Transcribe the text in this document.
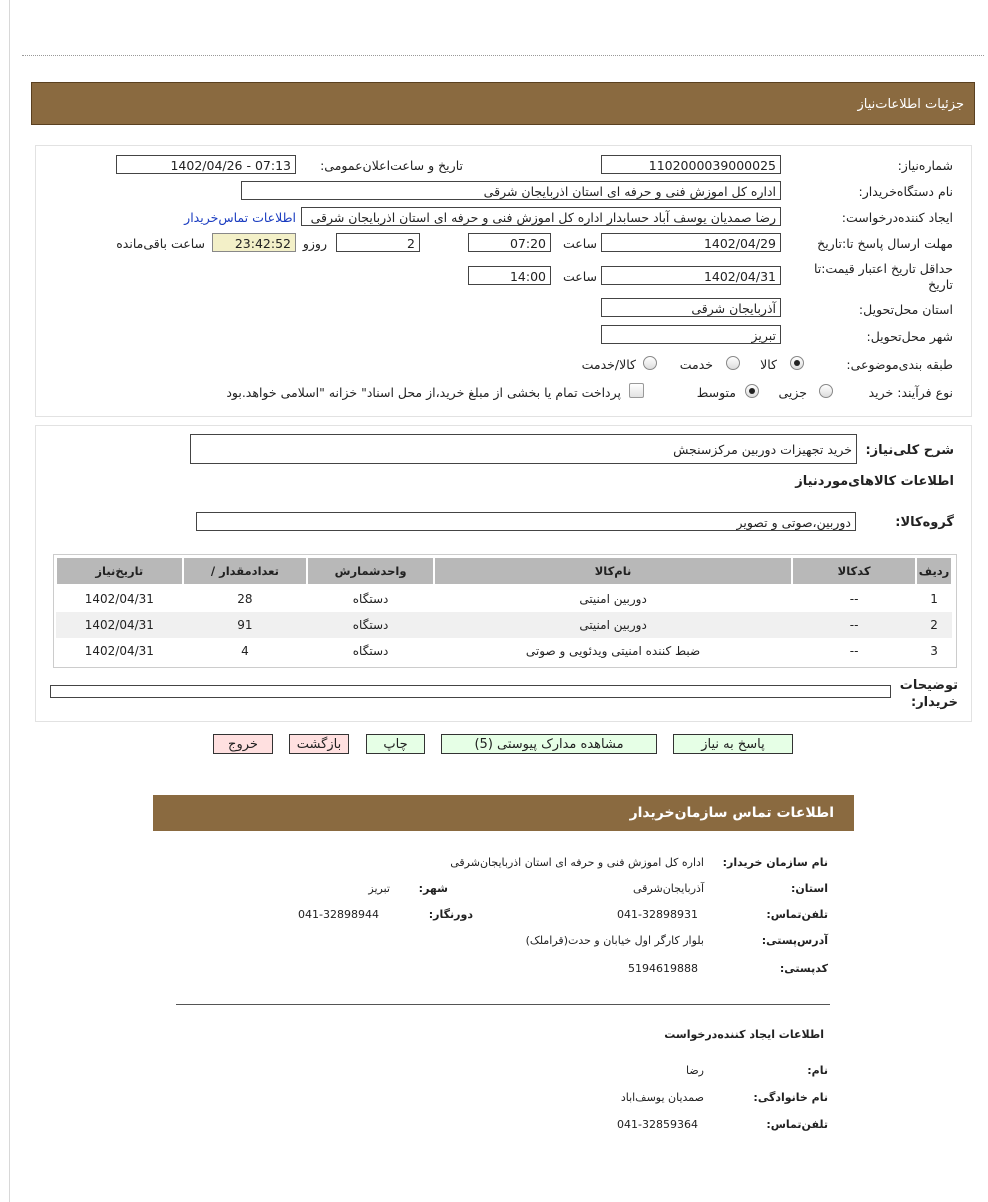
جزئیات اطلاعات‌نیاز
شماره‌نیاز:
1102000039000025
تاریخ و ساعت‌اعلان‌عمومی:
1402/04/26 - 07:13
نام دستگاه‌خریدار:
اداره کل اموزش فنی و حرفه ای استان اذربایجان شرقی
ایجاد کننده‌درخواست:
رضا صمدیان یوسف آباد حسابدار اداره کل اموزش فنی و حرفه ای استان اذربایجان شرقی
اطلاعات تماس‌خریدار
مهلت ارسال پاسخ تا:تاریخ
1402/04/29
ساعت
07:20
2
روزو
23:42:52
ساعت باقی‌مانده
حداقل تاریخ اعتبار قیمت:تا تاریخ
1402/04/31
ساعت
14:00
استان محل‌تحویل:
آذربایجان شرقی
شهر محل‌تحویل:
تبریز
طبقه بندی‌موضوعی:
کالا
خدمت
کالا/خدمت
نوع فرآیند: خرید
جزیی
متوسط
پرداخت تمام یا بخشی از مبلغ خرید،از محل اسناد" خزانه "اسلامی خواهد.بود
شرح کلی‌نیاز:
خرید تجهیزات دوربین مرکزسنجش
اطلاعات کالاهای‌موردنیاز
گروه‌کالا:
دوربین،صوتی و تصویر
ردیف	کدکالا	نام‌کالا	واحدشمارش	تعدادمقدار /	تاریخ‌نیاز
1	--	دوربین امنیتی	دستگاه	28	1402/04/31
2	--	دوربین امنیتی	دستگاه	91	1402/04/31
3	--	ضبط کننده امنیتی ویدئویی و صوتی	دستگاه	4	1402/04/31
توضیحات خریدار:
پاسخ به نیاز
مشاهده مدارک پیوستی (5)
چاپ
بازگشت
خروج
اطلاعات تماس سازمان‌خریدار
نام سازمان خریدار:
اداره کل اموزش فنی و حرفه ای استان اذربایجان‌شرقی
استان:
آذربایجان‌شرقی
شهر:
تبریز
تلفن‌تماس:
041-32898931
دورنگار:
041-32898944
آدرس‌پستی:
بلوار کارگر اول خیابان و حدت(قراملک)
کد‌پستی:
5194619888
اطلاعات ایجاد کننده‌درخواست
نام:
رضا
نام خانوادگی:
صمدیان یوسف‌اباد
تلفن‌تماس:
041-32859364
